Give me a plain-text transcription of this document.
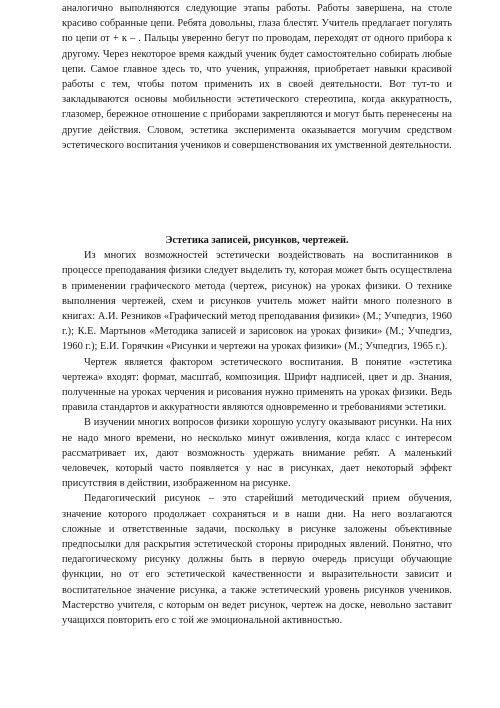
аналогично выполняются следующие этапы работы. Работы завершена, на столе красиво собранные цепи. Ребята довольны, глаза блестят. Учитель предлагает погулять по цепи от + к – . Пальцы уверенно бегут по проводам, переходят от одного прибора к другому. Через некоторое время каждый ученик будет самостоятельно собирать любые цепи. Самое главное здесь то, что ученик, упражняя, приобретает навыки красивой работы с тем, чтобы потом применить их в своей деятельности. Вот тут-то и закладываются основы мобильности эстетического стереотипа, когда аккуратность, глазомер, бережное отношение с приборами закрепляются и могут быть перенесены на другие действия. Словом, эстетика эксперимента оказывается могучим средством эстетического воспитания учеников и совершенствования их умственной деятельности.

Эстетика записей, рисунков, чертежей.

Из многих возможностей эстетически воздействовать на воспитанников в процессе преподавания физики следует выделить ту, которая может быть осуществлена в применении графического метода (чертеж, рисунок) на уроках физики. О технике выполнения чертежей, схем и рисунков учитель может найти много полезного в книгах: А.И. Резников «Графический метод преподавания физики» (М.; Учпедгиз, 1960 г.); К.Е. Мартынов «Методика записей и зарисовок на уроках физики» (М.; Учпедгиз, 1960 г.); Е.И. Горячкин «Рисунки и чертежи на уроках физики» (М.; Учпедгиз, 1965 г.).

Чертеж является фактором эстетического воспитания. В понятие «эстетика чертежа» входят: формат, масштаб, композиция. Шрифт надписей, цвет и др. Знания, полученные на уроках черчения и рисования нужно применять на уроках физики. Ведь правила стандартов и аккуратности являются одновременно и требованиями эстетики.

В изучении многих вопросов физики хорошую услугу оказывают рисунки. На них не надо много времени, но несколько минут оживления, когда класс с интересом рассматривает их, дают возможность удержать внимание ребят. А маленький человечек, который часто появляется у нас в рисунках, дает некоторый эффект присутствия в действии, изображенном на рисунке.

Педагогический рисунок – это старейший методический прием обучения, значение которого продолжает сохраняться и в наши дни. На него возлагаются сложные и ответственные задачи, поскольку в рисунке заложены объективные предпосылки для раскрытия эстетической стороны природных явлений. Понятно, что педагогическому рисунку должны быть в первую очередь присущи обучающие функции, но от его эстетической качественности и выразительности зависит и воспитательное значение рисунка, а также эстетический уровень рисунков учеников. Мастерство учителя, с которым он ведет рисунок, чертеж на доске, невольно заставит учащихся повторить его с той же эмоциональной активностью.
